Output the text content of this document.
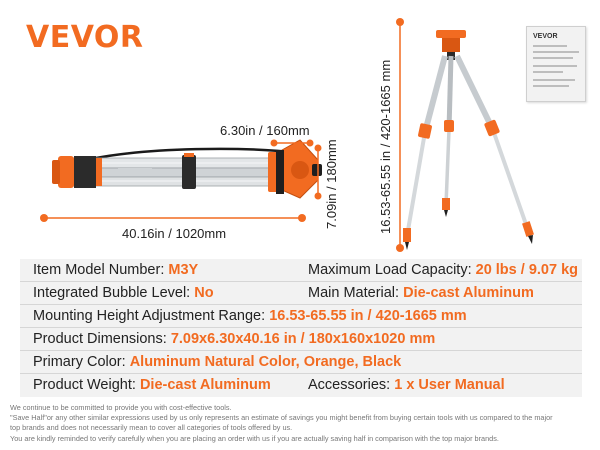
VEVOR
40.16in / 1020mm
6.30in / 160mm
7.09in / 180mm	16.53-65.55 in / 420-1665 mm
VEVOR
Item Model Number: M3Y	Maximum Load Capacity: 20 lbs / 9.07 kg
Integrated Bubble Level: No	Main Material: Die-cast Aluminum
Mounting Height Adjustment Range: 16.53-65.55 in / 420-1665 mm
Product Dimensions: 7.09x6.30x40.16 in / 180x160x1020 mm
Primary Color: Aluminum Natural Color, Orange, Black
Product Weight: Die-cast Aluminum	Accessories: 1 x User Manual

We continue to be committed to provide you with cost-effective tools.

"Save Half"or any other similar expressions used by us only represents an estimate of savings you might benefit from buying certain tools with us compared to the major

top brands and does not necessarily mean to cover all categories of tools offered by us.

You are kindly reminded to verify carefully when you are placing an order with us if you are actually saving half in comparison with the top major brands.
